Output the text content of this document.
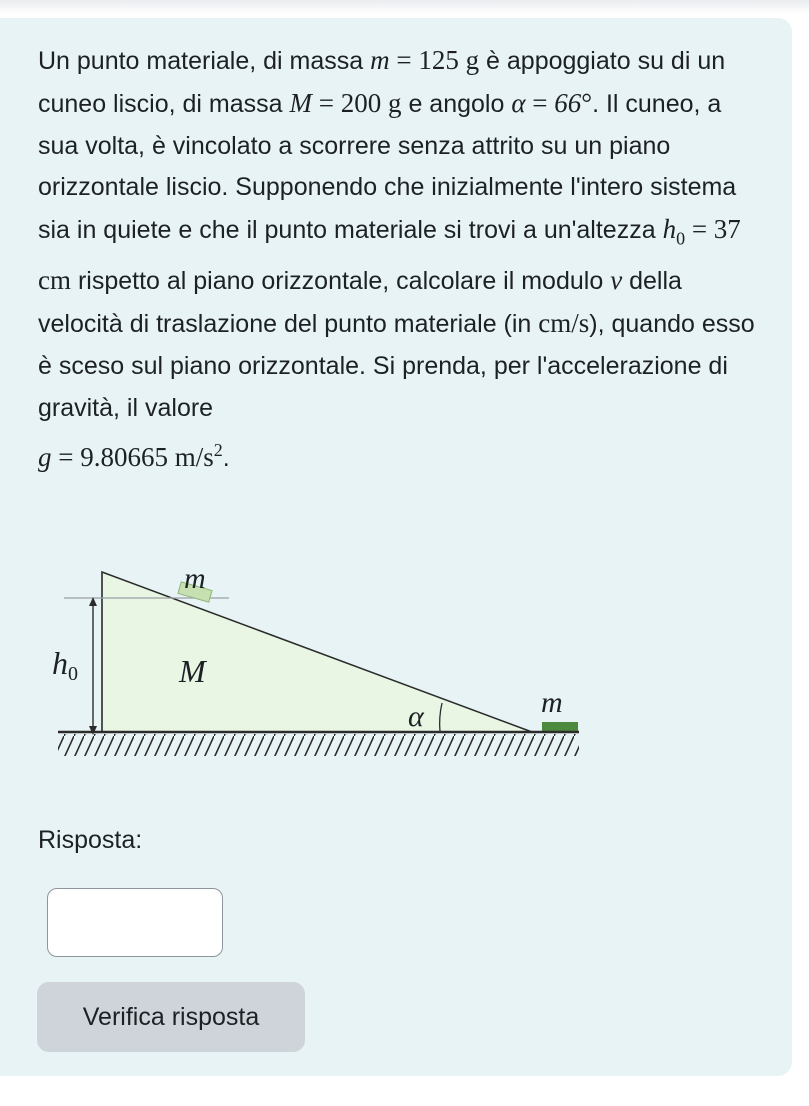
Un punto materiale, di massa m = 125 g è appoggiato su di un cuneo liscio, di massa M = 200 g e angolo α = 66°. Il cuneo, a sua volta, è vincolato a scorrere senza attrito su un piano orizzontale liscio. Supponendo che inizialmente l'intero sistema sia in quiete e che il punto materiale si trovi a un'altezza $h_0 = 37$ cm rispetto al piano orizzontale, calcolare il modulo v della velocità di traslazione del punto materiale (in cm/s), quando esso è sceso sul piano orizzontale. Si prenda, per l'accelerazione di gravità, il valore
g = 9.80665 $m/s^2$.

m
M
h0
α	m

Risposta:

Verifica risposta
